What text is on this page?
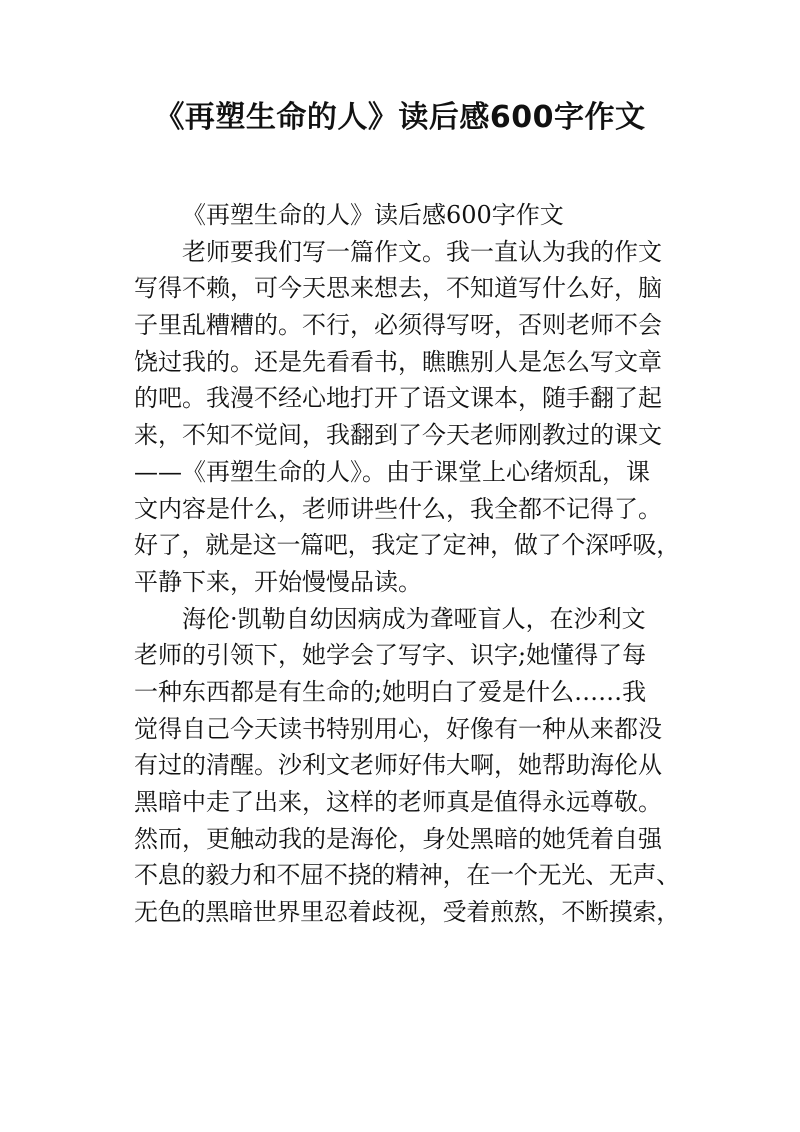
《再塑生命的人》读后感600字作文
《再塑生命的人》读后感600字作文
老师要我们写一篇作文。我一直认为我的作文
写得不赖，可今天思来想去，不知道写什么好，脑
子里乱糟糟的。不行，必须得写呀，否则老师不会
饶过我的。还是先看看书，瞧瞧别人是怎么写文章
的吧。我漫不经心地打开了语文课本，随手翻了起
来，不知不觉间，我翻到了今天老师刚教过的课文
——《再塑生命的人》。由于课堂上心绪烦乱，课
文内容是什么，老师讲些什么，我全都不记得了。
好了，就是这一篇吧，我定了定神，做了个深呼吸，
平静下来，开始慢慢品读。
海伦·凯勒自幼因病成为聋哑盲人，在沙利文
老师的引领下，她学会了写字、识字;她懂得了每
一种东西都是有生命的;她明白了爱是什么……我
觉得自己今天读书特别用心，好像有一种从来都没
有过的清醒。沙利文老师好伟大啊，她帮助海伦从
黑暗中走了出来，这样的老师真是值得永远尊敬。
然而，更触动我的是海伦，身处黑暗的她凭着自强
不息的毅力和不屈不挠的精神，在一个无光、无声、
无色的黑暗世界里忍着歧视，受着煎熬，不断摸索，
